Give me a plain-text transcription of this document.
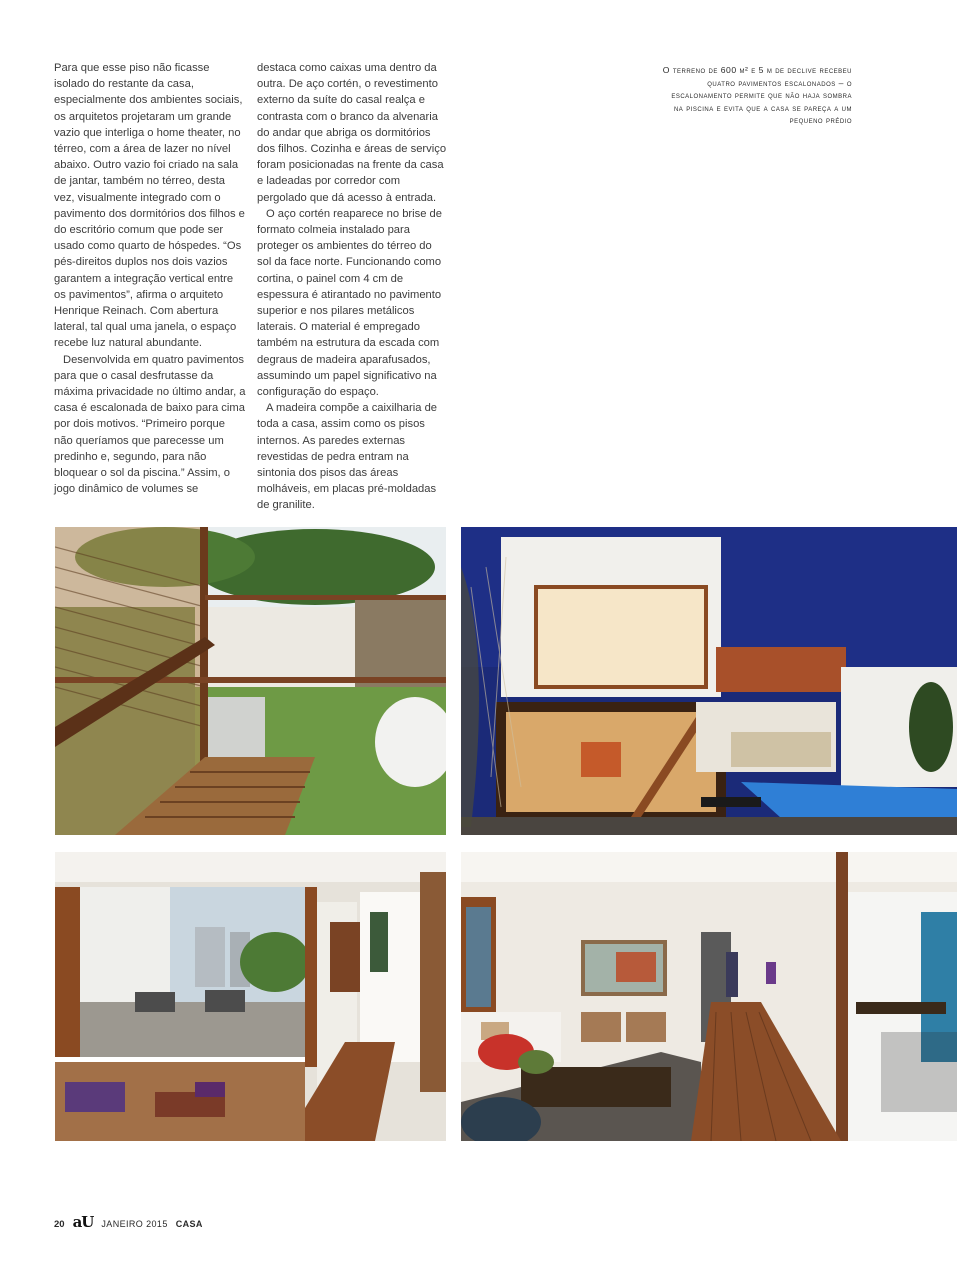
Para que esse piso não ficasse isolado do restante da casa, especialmente dos ambientes sociais, os arquitetos projetaram um grande vazio que interliga o home theater, no térreo, com a área de lazer no nível abaixo. Outro vazio foi criado na sala de jantar, também no térreo, desta vez, visualmente integrado com o pavimento dos dormitórios dos filhos e do escritório comum que pode ser usado como quarto de hóspedes. “Os pés-direitos duplos nos dois vazios garantem a integração vertical entre os pavimentos”, afirma o arquiteto Henrique Reinach. Com abertura lateral, tal qual uma janela, o espaço recebe luz natural abundante.

Desenvolvida em quatro pavimentos para que o casal desfrutasse da máxima privacidade no último andar, a casa é escalonada de baixo para cima por dois motivos. “Primeiro porque não queríamos que parecesse um predinho e, segundo, para não bloquear o sol da piscina.” Assim, o jogo dinâmico de volumes se

destaca como caixas uma dentro da outra. De aço cortén, o revestimento externo da suíte do casal realça e contrasta com o branco da alvenaria do andar que abriga os dormitórios dos filhos. Cozinha e áreas de serviço foram posicionadas na frente da casa e ladeadas por corredor com pergolado que dá acesso à entrada.

O aço cortén reaparece no brise de formato colmeia instalado para proteger os ambientes do térreo do sol da face norte. Funcionando como cortina, o painel com 4 cm de espessura é atirantado no pavimento superior e nos pilares metálicos laterais. O material é empregado também na estrutura da escada com degraus de madeira aparafusados, assumindo um papel significativo na configuração do espaço.

A madeira compõe a caixilharia de toda a casa, assim como os pisos internos. As paredes externas revestidas de pedra entram na sintonia dos pisos das áreas molháveis, em placas pré-moldadas de granilite.

O terreno de 600 m² e 5 m de declive recebeu quatro pavimentos escalonados – o escalonamento permite que não haja sombra na piscina e evita que a casa se pareça a um pequeno prédio
20 aU JANEIRO 2015 CASA
